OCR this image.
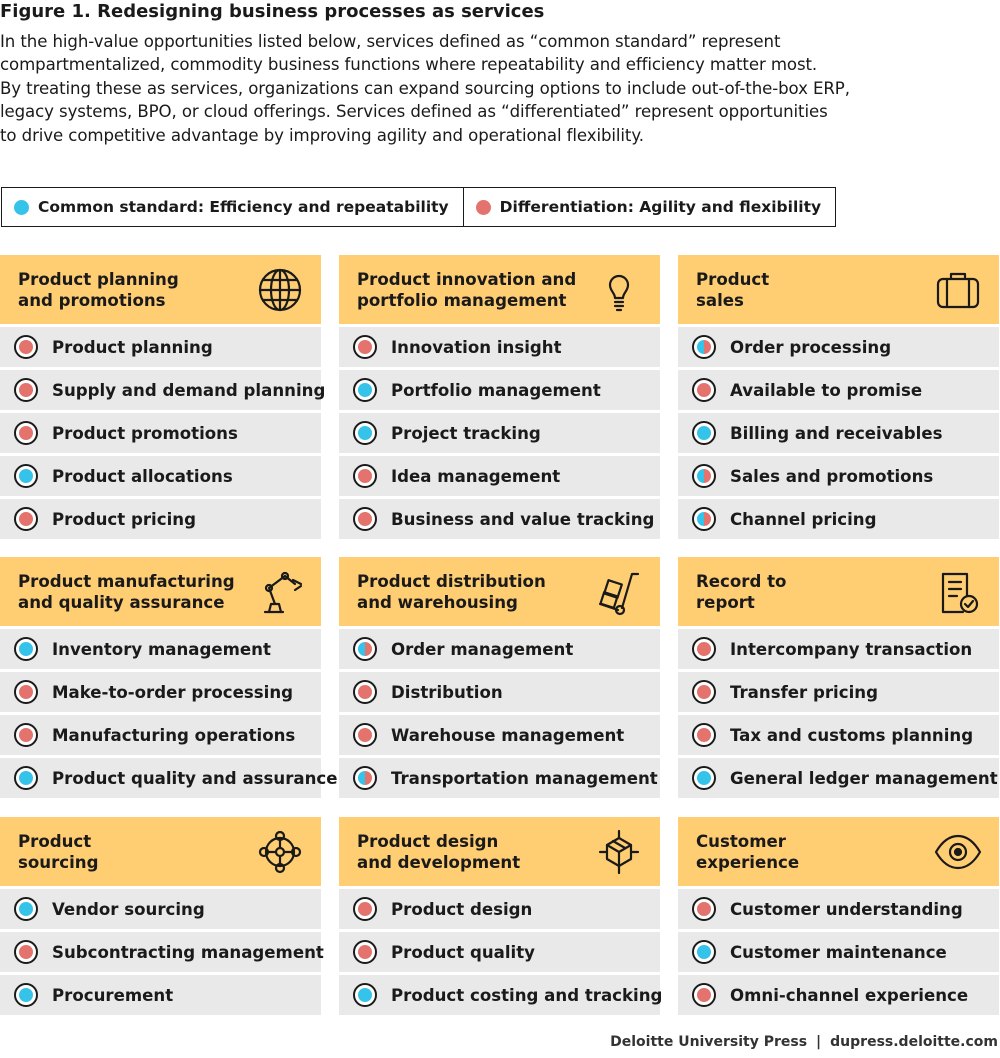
Figure 1. Redesigning business processes as services

In the high-value opportunities listed below, services defined as “common standard” represent
compartmentalized, commodity business functions where repeatability and efficiency matter most.
By treating these as services, organizations can expand sourcing options to include out-of-the-box ERP,
legacy systems, BPO, or cloud offerings. Services defined as “differentiated” represent opportunities
to drive competitive advantage by improving agility and operational flexibility.

Common standard: Efficiency and repeatability	Differentiation: Agility and flexibility
Product planning
and promotions
Product planning
Supply and demand planning
Product promotions
Product allocations
Product pricing
Product innovation and
portfolio management
Innovation insight
Portfolio management
Project tracking
Idea management
Business and value tracking
Product
sales
Order processing
Available to promise
Billing and receivables
Sales and promotions
Channel pricing
Product manufacturing
and quality assurance
Inventory management
Make-to-order processing
Manufacturing operations
Product quality and assurance
Product distribution
and warehousing
Order management
Distribution
Warehouse management
Transportation management
Record to
report
Intercompany transaction
Transfer pricing
Tax and customs planning
General ledger management
Product
sourcing
Vendor sourcing
Subcontracting management
Procurement
Product design
and development
Product design
Product quality
Product costing and tracking
Customer
experience
Customer understanding
Customer maintenance
Omni-channel experience
Deloitte University Press | dupress.deloitte.com
